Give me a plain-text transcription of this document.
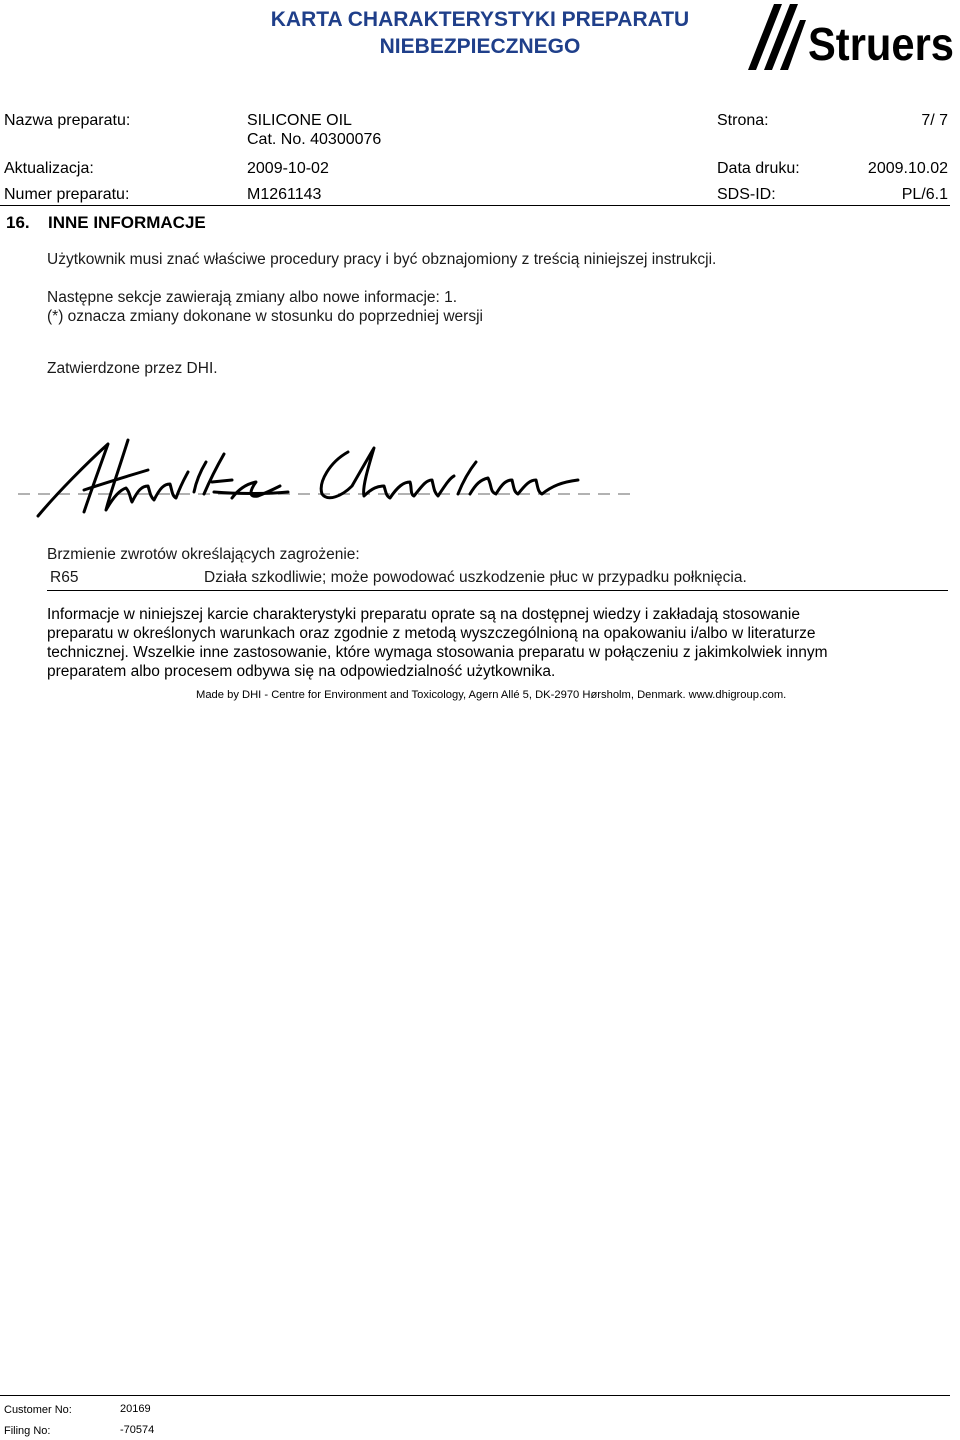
KARTA CHARAKTERYSTYKI PREPARATU
NIEBEZPIECZNEGO	Struers
Nazwa preparatu:	SILICONE OIL
Cat. No. 40300076
Strona:	7/ 7
Aktualizacja:	2009-10-02	Data druku:	2009.10.02
Numer preparatu:	M1261143	SDS-ID:	PL/6.1
16. INNE INFORMACJE
Użytkownik musi znać właściwe procedury pracy i być obznajomiony z treścią niniejszej instrukcji.
Następne sekcje zawierają zmiany albo nowe informacje: 1.
(*) oznacza zmiany dokonane w stosunku do poprzedniej wersji
Zatwierdzone przez DHI.
Brzmienie zwrotów określających zagrożenie:
R65	Działa szkodliwie; może powodować uszkodzenie płuc w przypadku połknięcia.
Informacje w niniejszej karcie charakterystyki preparatu oprate są na dostępnej wiedzy i zakładają stosowanie
preparatu w określonych warunkach oraz zgodnie z metodą wyszczególnioną na opakowaniu i/albo w literaturze
technicznej. Wszelkie inne zastosowanie, które wymaga stosowania preparatu w połączeniu z jakimkolwiek innym
preparatem albo procesem odbywa się na odpowiedzialność użytkownika.
Made by DHI - Centre for Environment and Toxicology, Agern Allé 5, DK-2970 Hørsholm, Denmark. www.dhigroup.com.
Customer No:	20169
Filing No:	-70574
